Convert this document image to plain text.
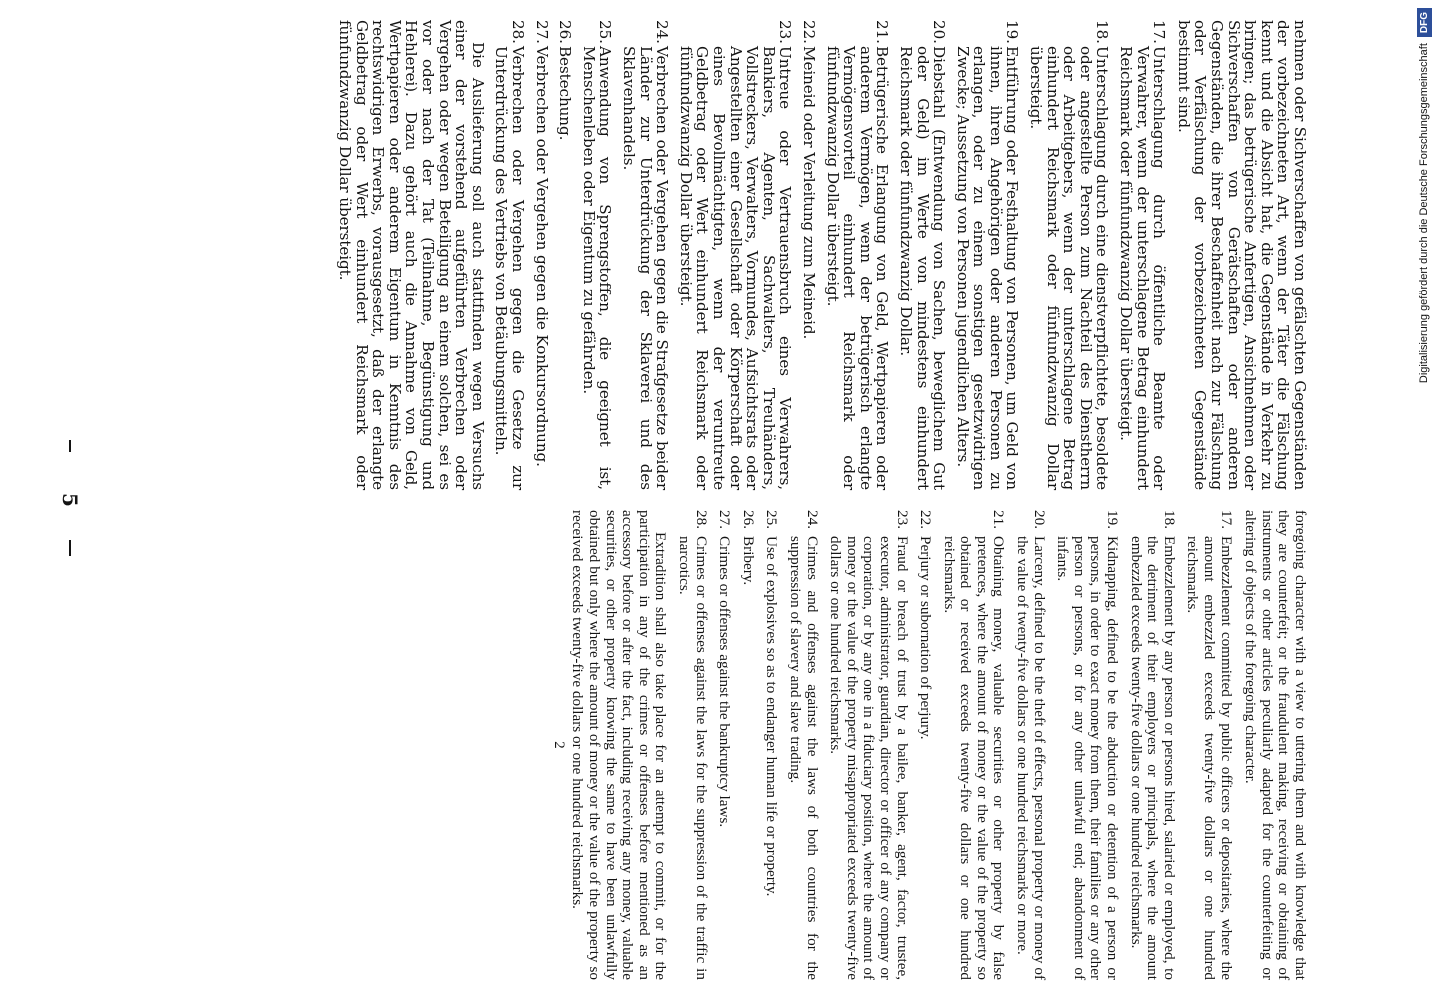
5

nehmen oder Sichverschaffen von gefälschten Gegenständen der vorbezeichneten Art, wenn der Täter die Fälschung kennt und die Absicht hat, die Gegenstände in Verkehr zu bringen; das betrügerische Anfertigen, Ansichnehmen oder Sichverschaffen von Gerätschaften oder anderen Gegenständen, die ihrer Beschaffenheit nach zur Fälschung oder Verfälschung der vorbezeichneten Gegenstände bestimmt sind.

17.
Unterschlagung durch öffentliche Beamte oder Verwahrer, wenn der unterschlagene Betrag einhundert Reichsmark oder fünfundzwanzig Dollar übersteigt.
18.
Unterschlagung durch eine dienstverpflichtete, besoldete oder angestellte Person zum Nachteil des Dienstherrn oder Arbeitgebers, wenn der unterschlagene Betrag einhundert Reichsmark oder fünfundzwanzig Dollar übersteigt.
19.
Entführung oder Festhaltung von Personen, um Geld von ihnen, ihren Angehörigen oder anderen Personen zu erlangen, oder zu einem sonstigen gesetzwidrigen Zwecke; Aussetzung von Personen jugendlichen Alters.
20.
Diebstahl (Entwendung von Sachen, beweglichem Gut oder Geld) im Werte von mindestens einhundert Reichsmark oder fünfundzwanzig Dollar.
21.
Betrügerische Erlangung von Geld, Wertpapieren oder anderem Vermögen, wenn der betrügerisch erlangte Vermögensvorteil einhundert Reichsmark oder fünfundzwanzig Dollar übersteigt.
22.
Meineid oder Verleitung zum Meineid.
23.
Untreue oder Vertrauensbruch eines Verwahrers, Bankiers, Agenten, Sachwalters, Treuhänders, Vollstreckers, Verwalters, Vormundes, Aufsichtsrats oder Angestellten einer Gesellschaft oder Körperschaft oder eines Bevollmächtigten, wenn der veruntreute Geldbetrag oder Wert einhundert Reichsmark oder fünfundzwanzig Dollar übersteigt.
24.
Verbrechen oder Vergehen gegen die Strafgesetze beider Länder zur Unterdrückung der Sklaverei und des Sklavenhandels.
25.
Anwendung von Sprengstoffen, die geeignet ist, Menschenleben oder Eigentum zu gefährden.
26.
Bestechung.
27.
Verbrechen oder Vergehen gegen die Konkursordnung.
28.
Verbrechen oder Vergehen gegen die Gesetze zur Unterdrückung des Vertriebs von Betäubungsmitteln.

Die Auslieferung soll auch stattfinden wegen Versuchs einer der vorstehend aufgeführten Verbrechen oder Vergehen oder wegen Beteiligung an einem solchen, sei es vor oder nach der Tat (Teilnahme, Begünstigung und Hehlerei). Dazu gehört auch die Annahme von Geld, Wertpapieren oder anderem Eigentum in Kenntnis des rechtswidrigen Erwerbs, vorausgesetzt, daß der erlangte Geldbetrag oder Wert einhundert Reichsmark oder fünfundzwanzig Dollar übersteigt.

foregoing character with a view to uttering them and with knowledge that they are counterfeit; or the fraudulent making, receiving or obtaining of instruments or other articles peculiarly adapted for the counterfeiting or altering of objects of the foregoing character.

17.
Embezzlement committed by public officers or depositaries, where the amount embezzled exceeds twenty-five dollars or one hundred reichsmarks.
18.
Embezzlement by any person or persons hired, salaried or employed, to the detriment of their employers or principals, where the amount embezzled exceeds twenty-five dollars or one hundred reichsmarks.
19.
Kidnapping, defined to be the abduction or detention of a person or persons, in order to exact money from them, their families or any other person or persons, or for any other unlawful end; abandonment of infants.
20.
Larceny, defined to be the theft of effects, personal property or money of the value of twenty-five dollars or one hundred reichsmarks or more.
21.
Obtaining money, valuable securities or other property by false pretences, where the amount of money or the value of the property so obtained or received exceeds twenty-five dollars or one hundred reichsmarks.
22.
Perjury or subornation of perjury.
23.
Fraud or breach of trust by a bailee, banker, agent, factor, trustee, executor, administrator, guardian, director or officer of any company or corporation, or by any one in a fiduciary position, where the amount of money or the value of the property misappropriated exceeds twenty-five dollars or one hundred reichsmarks.
24.
Crimes and offenses against the laws of both countries for the suppression of slavery and slave trading.
25.
Use of explosives so as to endanger human life or property.
26.
Bribery.
27.
Crimes or offenses against the bankruptcy laws.
28.
Crimes or offenses against the laws for the suppression of the traffic in narcotics.

Extradition shall also take place for an attempt to commit, or for the participation in any of the crimes or offenses before mentioned as an accessory before or after the fact, including receiving any money, valuable securities, or other property knowing the same to have been unlawfully obtained but only where the amount of money or the value of the property so received exceeds twenty-five dollars or one hundred reichsmarks.

2
Digitalisierung gefördert durch die Deutsche Forschungsgemeinschaft
DFG
